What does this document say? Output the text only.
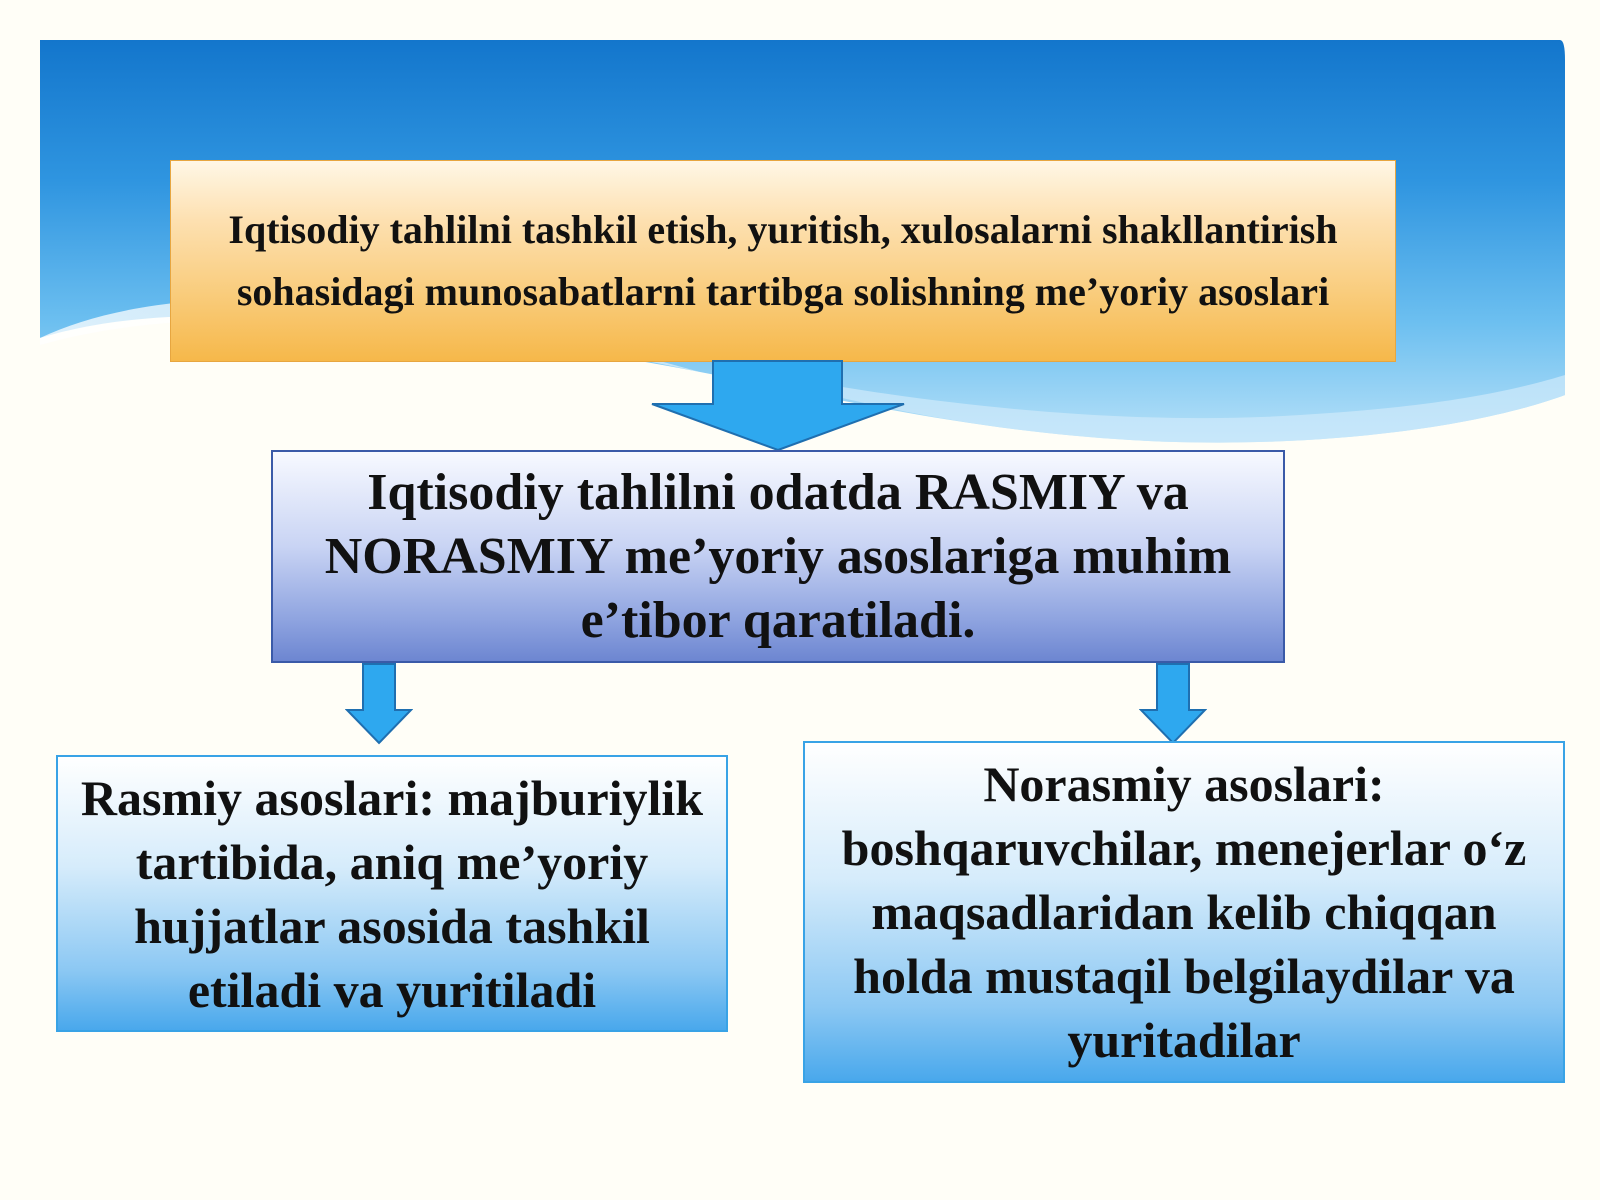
Iqtisodiy tahlilni tashkil etish, yuritish, xulosalarni shakllantirish sohasidagi munosabatlarni tartibga solishning me’yoriy asoslari

Iqtisodiy tahlilni odatda RASMIY va NORASMIY me’yoriy asoslariga muhim e’tibor qaratiladi.
Rasmiy asoslari: majburiylik tartibida, aniq me’yoriy hujjatlar asosida tashkil etiladi va yuritiladi
Norasmiy asoslari: boshqaruvchilar, menejerlar o‘z maqsadlaridan kelib chiqqan holda mustaqil belgilaydilar va yuritadilar
